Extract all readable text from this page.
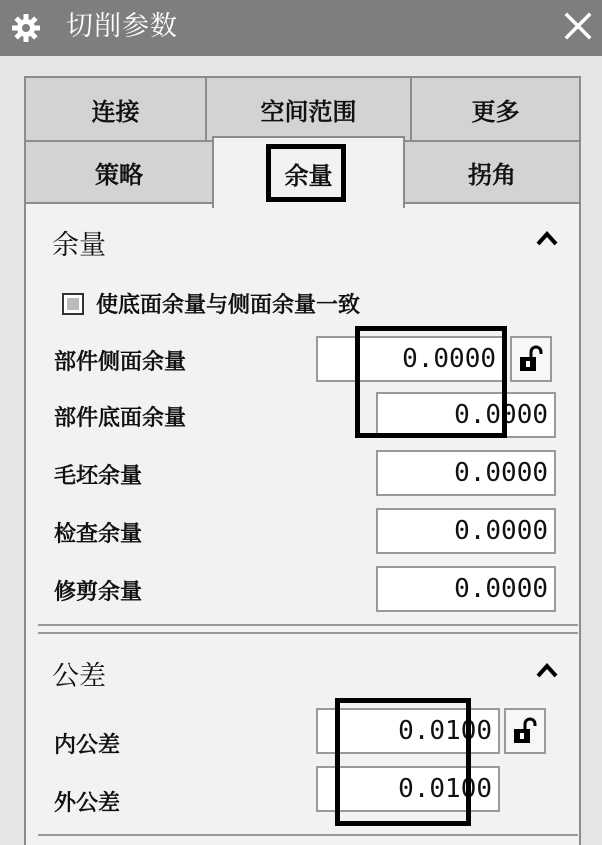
切削参数
连接	空间范围	更多
策略	余量	拐角
余量
使底面余量与侧面余量一致
部件侧面余量	0.0000
部件底面余量	0.0000
毛坯余量	0.0000
检查余量	0.0000
修剪余量	0.0000
公差
内公差	0.0100
外公差	0.0100
